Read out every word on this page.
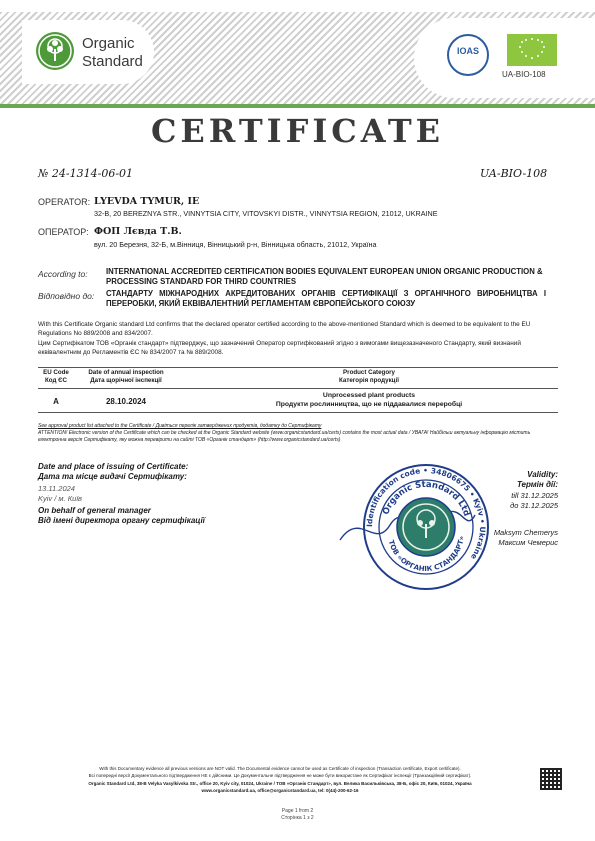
Organic
Standard
IOAS
UA-BIO-108
CERTIFICATE
№ 24-1314-06-01	UA-BIO-108
OPERATOR: LYEVDA TYMUR, IE
32-B, 20 BEREZNYA STR., VINNYTSIA CITY, VITOVSKYI DISTR., VINNYTSIA REGION, 21012, UKRAINE
ОПЕРАТОР: ФОП Лєвда Т.В.
вул. 20 Березня, 32-Б, м.Вінниця, Вінницький р-н, Вінницька область, 21012, Україна
According to: INTERNATIONAL ACCREDITED CERTIFICATION BODIES EQUIVALENT EUROPEAN UNION ORGANIC PRODUCTION & PROCESSING STANDARD FOR THIRD COUNTRIES
Відповідно до: СТАНДАРТУ МІЖНАРОДНИХ АКРЕДИТОВАНИХ ОРГАНІВ СЕРТИФІКАЦІЇ З ОРГАНІЧНОГО ВИРОБНИЦТВА І ПЕРЕРОБКИ, ЯКИЙ ЕКВІВАЛЕНТНИЙ РЕГЛАМЕНТАМ ЄВРОПЕЙСЬКОГО СОЮЗУ
With this Certificate Organic standard Ltd confirms that the declared operator certified according to the above-mentioned Standard which is deemed to be equivalent to the EU Regulations No 889/2008 and 834/2007.
Цим Сертифікатом ТОВ «Органік стандарт» підтверджує, що зазначений Оператор сертифікований згідно з вимогами вищезазначеного Стандарту, який визнаний еквівалентним до Регламентів ЄС № 834/2007 та № 889/2008.
EU Code
Код ЄС
Date of annual inspection
Дата щорічної інспекції
Product Category
Категорія продукції
A	28.10.2024
Unprocessed plant products
Продукти рослинництва, що не піддавалися переробці
See approval product list attached to the Certificate / Дивіться перелік затверджених продуктів, додатку до Сертифікату
ATTENTION! Electronic version of the Certificate which can be checked at the Organic Standard website (www.organicstandard.ua/certs) contains the most actual data / УВАГА! Найбільш актуальну інформацію містить
електронна версія Сертифікату, яку можна перевірити на сайті ТОВ «Органік стандарт» (http://www.organicstandard.ua/certs)
Date and place of issuing of Certificate:
Дата та місце видачі Сертифікату:
13.11.2024
Kyiv / м. Київ
Validity:
Термін дії:
till 31.12.2025
до 31.12.2025
On behalf of general manager
Від імені директора органу сертифікації
Maksym Chemerys
Максим Чемерис
Identification code • 34806675 • Kyiv • Ukraine
Organic Standard Ltd
ТОВ «ОРГАНІК СТАНДАРТ»
With this Documentary evidence all previous versions are NOT valid. The Documental evidence cannot be used as Certificate of inspection (Transaction certificate, Export certificate).
Всі попередні версії Документального підтвердження НЕ є дійсними. Це Документальне підтвердження не може бути використане як Сертифікат інспекції (Транзакційний сертифікат).
Organic Standard Ltd, 38-B Velyka Vasylkivska Str., office 20, Kyiv city, 01024, Ukraine / ТОВ «Органік Стандарт», вул. Велика Васильківська, 38-Б, офіс 20, Київ, 01024, Україна
www.organicstandard.ua, office@organicstandard.ua, tel: 0(44)-200-62-16
Page 1 from 2
Сторінка 1 з 2
